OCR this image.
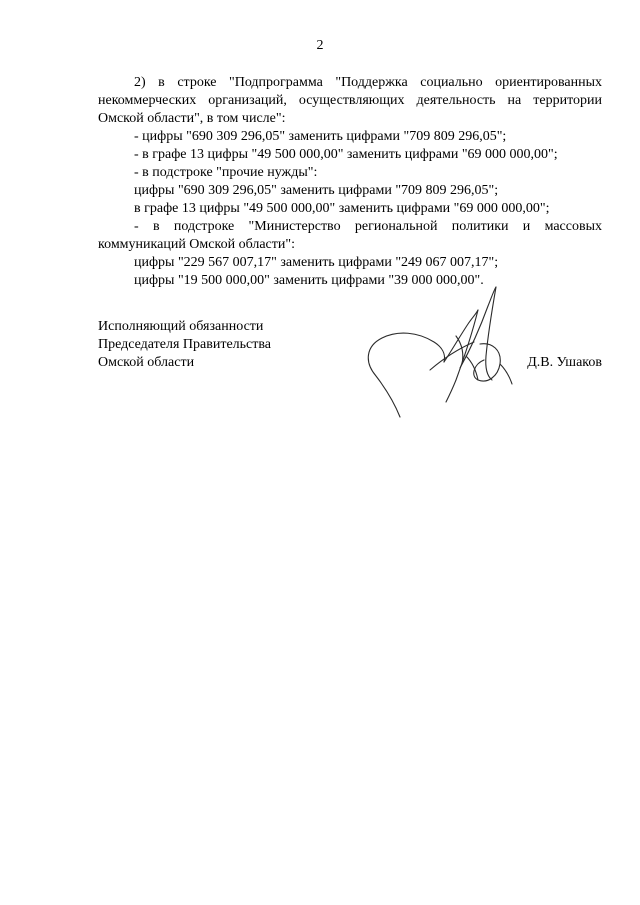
2

2) в строке "Подпрограмма "Поддержка социально ориентированных

некоммерческих организаций, осуществляющих деятельность на территории

Омской области", в том числе":

- цифры "690 309 296,05" заменить цифрами "709 809 296,05";

- в графе 13 цифры "49 500 000,00" заменить цифрами "69 000 000,00";

- в подстроке "прочие нужды":

цифры "690 309 296,05" заменить цифрами "709 809 296,05";

в графе 13 цифры "49 500 000,00" заменить цифрами "69 000 000,00";

- в подстроке "Министерство региональной политики и массовых

коммуникаций Омской области":

цифры "229 567 007,17" заменить цифрами "249 067 007,17";

цифры "19 500 000,00" заменить цифрами "39 000 000,00".

Исполняющий обязанности
Председателя Правительства
Омской области	Д.В. Ушаков
